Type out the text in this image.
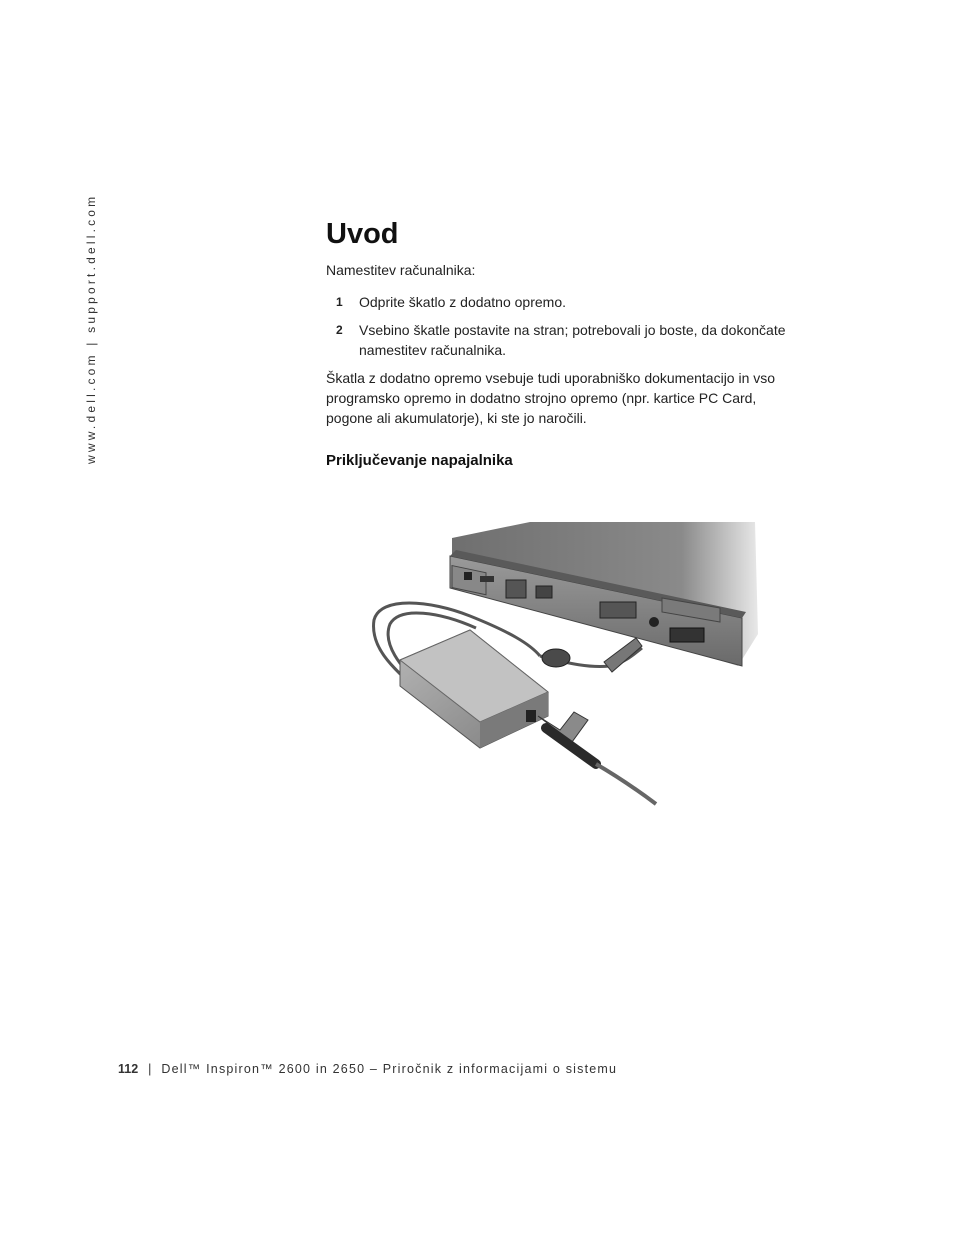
www.dell.com | support.dell.com	Uvod

Namestitev računalnika:

1 Odprite škatlo z dodatno opremo.
2 Vsebino škatle postavite na stran; potrebovali jo boste, da dokončate namestitev računalnika.

Škatla z dodatno opremo vsebuje tudi uporabniško dokumentacijo in vso programsko opremo in dodatno strojno opremo (npr. kartice PC Card, pogone ali akumulatorje), ki ste jo naročili.

Priključevanje napajalnika
112 | Dell™ Inspiron™ 2600 in 2650 – Priročnik z informacijami o sistemu
